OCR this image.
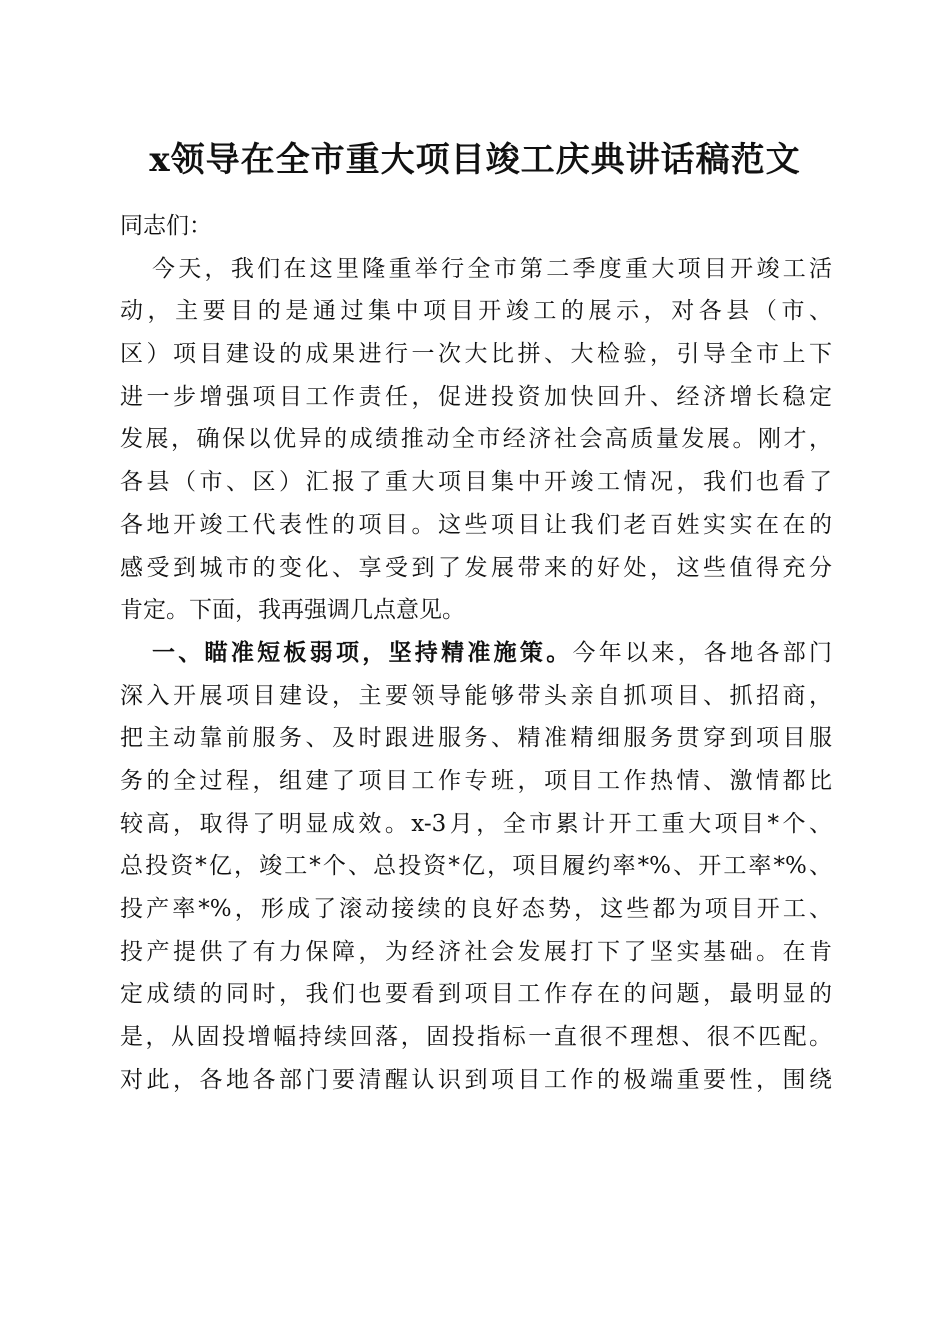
x领导在全市重大项目竣工庆典讲话稿范文
同志们：
今天，我们在这里隆重举行全市第二季度重大项目开竣工活
动，主要目的是通过集中项目开竣工的展示，对各县（市、
区）项目建设的成果进行一次大比拼、大检验，引导全市上下
进一步增强项目工作责任，促进投资加快回升、经济增长稳定
发展，确保以优异的成绩推动全市经济社会高质量发展。刚才，
各县（市、区）汇报了重大项目集中开竣工情况，我们也看了
各地开竣工代表性的项目。这些项目让我们老百姓实实在在的
感受到城市的变化、享受到了发展带来的好处，这些值得充分
肯定。下面，我再强调几点意见。
一、瞄准短板弱项，坚持精准施策。今年以来，各地各部门
深入开展项目建设，主要领导能够带头亲自抓项目、抓招商，
把主动靠前服务、及时跟进服务、精准精细服务贯穿到项目服
务的全过程，组建了项目工作专班，项目工作热情、激情都比
较高，取得了明显成效。x-3月，全市累计开工重大项目*个、
总投资*亿，竣工*个、总投资*亿，项目履约率*%、开工率*%、
投产率*%，形成了滚动接续的良好态势，这些都为项目开工、
投产提供了有力保障，为经济社会发展打下了坚实基础。在肯
定成绩的同时，我们也要看到项目工作存在的问题，最明显的
是，从固投增幅持续回落，固投指标一直很不理想、很不匹配。
对此，各地各部门要清醒认识到项目工作的极端重要性，围绕
